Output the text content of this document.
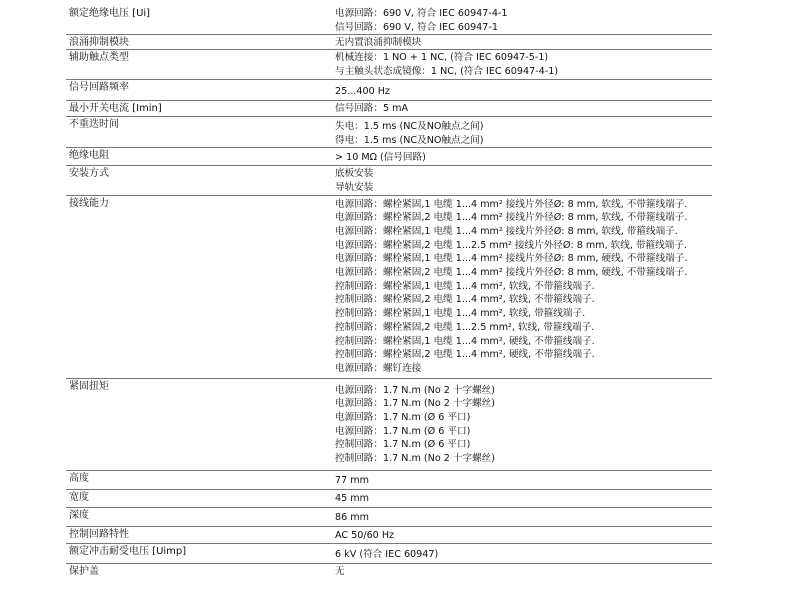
额定绝缘电压 [Ui]	电源回路：690 V, 符合 IEC 60947-4-1
信号回路：690 V, 符合 IEC 60947-1
浪涌抑制模块	无内置浪涌抑制模块
辅助触点类型	机械连接：1 NO + 1 NC, (符合 IEC 60947-5-1)
与主触头状态成镜像：1 NC, (符合 IEC 60947-4-1)
信号回路频率	25...400 Hz
最小开关电流 [Imin]	信号回路：5 mA
不重迭时间	失电：1.5 ms (NC及NO触点之间)
得电：1.5 ms (NC及NO触点之间)
绝缘电阻	> 10 MΩ (信号回路)
安装方式	底板安装
导轨安装
接线能力	电源回路：螺栓紧固,1 电缆 1...4 mm² 接线片外径Ø: 8 mm, 软线, 不带箍线端子.
电源回路：螺栓紧固,2 电缆 1...4 mm² 接线片外径Ø: 8 mm, 软线, 不带箍线端子.
电源回路：螺栓紧固,1 电缆 1...4 mm² 接线片外径Ø: 8 mm, 软线, 带箍线端子.
电源回路：螺栓紧固,2 电缆 1...2.5 mm² 接线片外径Ø: 8 mm, 软线, 带箍线端子.
电源回路：螺栓紧固,1 电缆 1...4 mm² 接线片外径Ø: 8 mm, 硬线, 不带箍线端子.
电源回路：螺栓紧固,2 电缆 1...4 mm² 接线片外径Ø: 8 mm, 硬线, 不带箍线端子.
控制回路：螺栓紧固,1 电缆 1...4 mm², 软线, 不带箍线端子.
控制回路：螺栓紧固,2 电缆 1...4 mm², 软线, 不带箍线端子.
控制回路：螺栓紧固,1 电缆 1...4 mm², 软线, 带箍线端子.
控制回路：螺栓紧固,2 电缆 1...2.5 mm², 软线, 带箍线端子.
控制回路：螺栓紧固,1 电缆 1...4 mm², 硬线, 不带箍线端子.
控制回路：螺栓紧固,2 电缆 1...4 mm², 硬线, 不带箍线端子.
电源回路：螺钉连接
紧固扭矩	电源回路：1.7 N.m (No 2 十字螺丝)
电源回路：1.7 N.m (No 2 十字螺丝)
电源回路：1.7 N.m (Ø 6 平口)
电源回路：1.7 N.m (Ø 6 平口)
控制回路：1.7 N.m (Ø 6 平口)
控制回路：1.7 N.m (No 2 十字螺丝)
高度	77 mm
宽度	45 mm
深度	86 mm
控制回路特性	AC 50/60 Hz
额定冲击耐受电压 [Uimp]	6 kV (符合 IEC 60947)
保护盖	无
